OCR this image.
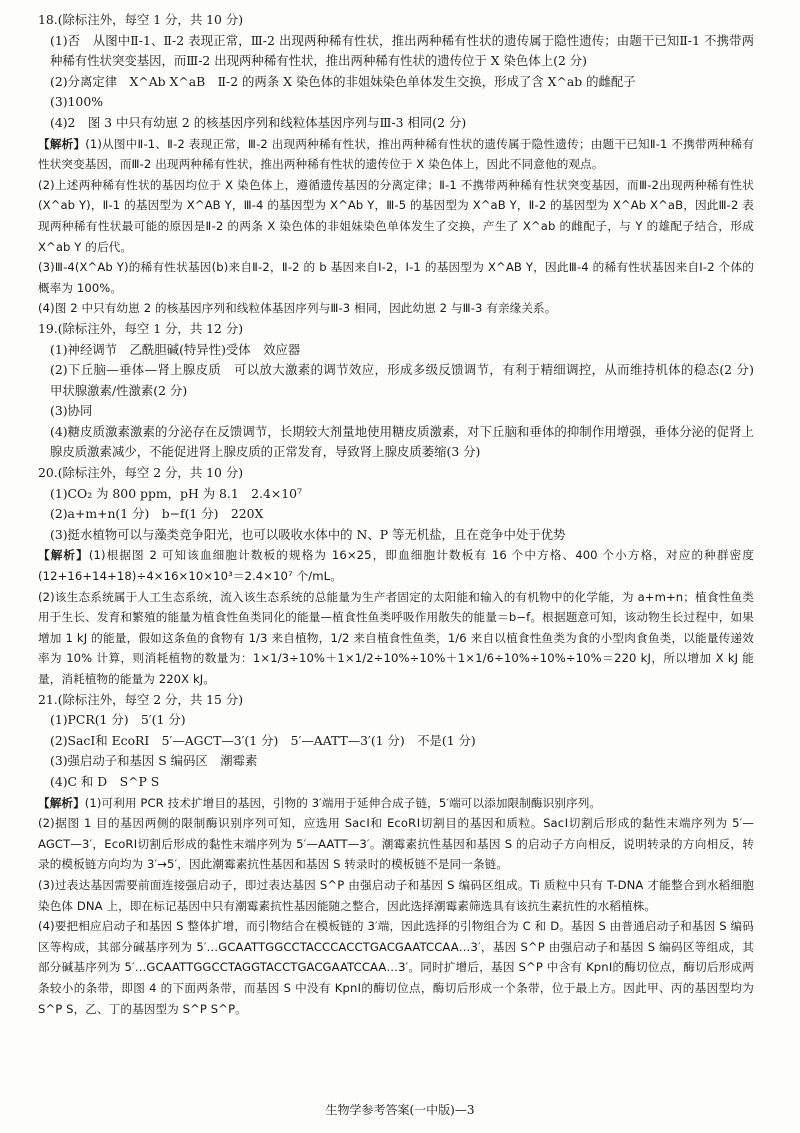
18.(除标注外，每空 1 分，共 10 分)

(1)否　从图中Ⅱ-1、Ⅱ-2 表现正常，Ⅲ-2 出现两种稀有性状，推出两种稀有性状的遗传属于隐性遗传；由题干已知Ⅱ-1 不携带两种稀有性状突变基因，而Ⅲ-2 出现两种稀有性状，推出两种稀有性状的遗传位于 X 染色体上(2 分)

(2)分离定律　X^Ab X^aB　Ⅱ-2 的两条 X 染色体的非姐妹染色单体发生交换，形成了含 X^ab 的雌配子

(3)100%

(4)2　图 3 中只有幼崽 2 的核基因序列和线粒体基因序列与Ⅲ-3 相同(2 分)

【解析】(1)从图中Ⅱ-1、Ⅱ-2 表现正常，Ⅲ-2 出现两种稀有性状，推出两种稀有性状的遗传属于隐性遗传；由题干已知Ⅱ-1 不携带两种稀有性状突变基因，而Ⅲ-2 出现两种稀有性状，推出两种稀有性状的遗传位于 X 染色体上，因此不同意他的观点。

(2)上述两种稀有性状的基因均位于 X 染色体上，遵循遗传基因的分离定律；Ⅱ-1 不携带两种稀有性状突变基因，而Ⅲ-2出现两种稀有性状(X^ab Y)，Ⅱ-1 的基因型为 X^AB Y，Ⅲ-4 的基因型为 X^Ab Y，Ⅲ-5 的基因型为 X^aB Y，Ⅱ-2 的基因型为 X^Ab X^aB，因此Ⅲ-2 表现两种稀有性状最可能的原因是Ⅱ-2 的两条 X 染色体的非姐妹染色单体发生了交换，产生了 X^ab 的雌配子，与 Y 的雄配子结合，形成 X^ab Y 的后代。

(3)Ⅲ-4(X^Ab Y)的稀有性状基因(b)来自Ⅱ-2，Ⅱ-2 的 b 基因来自Ⅰ-2，Ⅰ-1 的基因型为 X^AB Y，因此Ⅲ-4 的稀有性状基因来自Ⅰ-2 个体的概率为 100%。

(4)图 2 中只有幼崽 2 的核基因序列和线粒体基因序列与Ⅲ-3 相同，因此幼崽 2 与Ⅲ-3 有亲缘关系。

19.(除标注外，每空 1 分，共 12 分)

(1)神经调节　乙酰胆碱(特异性)受体　效应器

(2)下丘脑—垂体—肾上腺皮质　可以放大激素的调节效应，形成多级反馈调节，有利于精细调控，从而维持机体的稳态(2 分)　甲状腺激素/性激素(2 分)

(3)协同

(4)糖皮质激素激素的分泌存在反馈调节，长期较大剂量地使用糖皮质激素，对下丘脑和垂体的抑制作用增强，垂体分泌的促肾上腺皮质激素减少，不能促进肾上腺皮质的正常发育，导致肾上腺皮质萎缩(3 分)

20.(除标注外，每空 2 分，共 10 分)

(1)CO₂ 为 800 ppm，pH 为 8.1　2.4×10⁷

(2)a+m+n(1 分)　b−f(1 分)　220X

(3)挺水植物可以与藻类竞争阳光，也可以吸收水体中的 N、P 等无机盐，且在竞争中处于优势

【解析】(1)根据图 2 可知该血细胞计数板的规格为 16×25，即血细胞计数板有 16 个中方格、400 个小方格，对应的种群密度(12+16+14+18)÷4×16×10×10³＝2.4×10⁷ 个/mL。

(2)该生态系统属于人工生态系统，流入该生态系统的总能量为生产者固定的太阳能和输入的有机物中的化学能，为 a+m+n；植食性鱼类用于生长、发育和繁殖的能量为植食性鱼类同化的能量—植食性鱼类呼吸作用散失的能量＝b−f。根据题意可知，该动物生长过程中，如果增加 1 kJ 的能量，假如这条鱼的食物有 1/3 来自植物，1/2 来自植食性鱼类，1/6 来自以植食性鱼类为食的小型肉食鱼类，以能量传递效率为 10% 计算，则消耗植物的数量为：1×1/3÷10%＋1×1/2÷10%÷10%＋1×1/6÷10%÷10%÷10%＝220 kJ，所以增加 X kJ 能量，消耗植物的能量为 220X kJ。

21.(除标注外，每空 2 分，共 15 分)

(1)PCR(1 分)　5′(1 分)

(2)SacⅠ和 EcoRⅠ　5′—AGCT—3′(1 分)　5′—AATT—3′(1 分)　不是(1 分)

(3)强启动子和基因 S 编码区　潮霉素

(4)C 和 D　S^P S

【解析】(1)可利用 PCR 技术扩增目的基因，引物的 3′端用于延伸合成子链，5′端可以添加限制酶识别序列。

(2)据图 1 目的基因两侧的限制酶识别序列可知，应选用 SacⅠ和 EcoRⅠ切割目的基因和质粒。SacⅠ切割后形成的黏性末端序列为 5′—AGCT—3′，EcoRⅠ切割后形成的黏性末端序列为 5′—AATT—3′。潮霉素抗性基因和基因 S 的启动子方向相反，说明转录的方向相反，转录的模板链方向均为 3′→5′，因此潮霉素抗性基因和基因 S 转录时的模板链不是同一条链。

(3)过表达基因需要前面连接强启动子，即过表达基因 S^P 由强启动子和基因 S 编码区组成。Ti 质粒中只有 T-DNA 才能整合到水稻细胞染色体 DNA 上，即在标记基因中只有潮霉素抗性基因能随之整合，因此选择潮霉素筛选具有该抗生素抗性的水稻植株。

(4)要把相应启动子和基因 S 整体扩增，而引物结合在模板链的 3′端，因此选择的引物组合为 C 和 D。基因 S 由普通启动子和基因 S 编码区等构成，其部分碱基序列为 5′…GCAATTGGCCTACCCACCTGACGAATCCAA…3′，基因 S^P 由强启动子和基因 S 编码区等组成，其部分碱基序列为 5′…GCAATTGGCCTAGGTACCTGACGAATCCAA…3′。同时扩增后，基因 S^P 中含有 KpnⅠ的酶切位点，酶切后形成两条较小的条带，即图 4 的下面两条带，而基因 S 中没有 KpnⅠ的酶切位点，酶切后形成一个条带，位于最上方。因此甲、丙的基因型均为 S^P S，乙、丁的基因型为 S^P S^P。

生物学参考答案(一中版)—3
